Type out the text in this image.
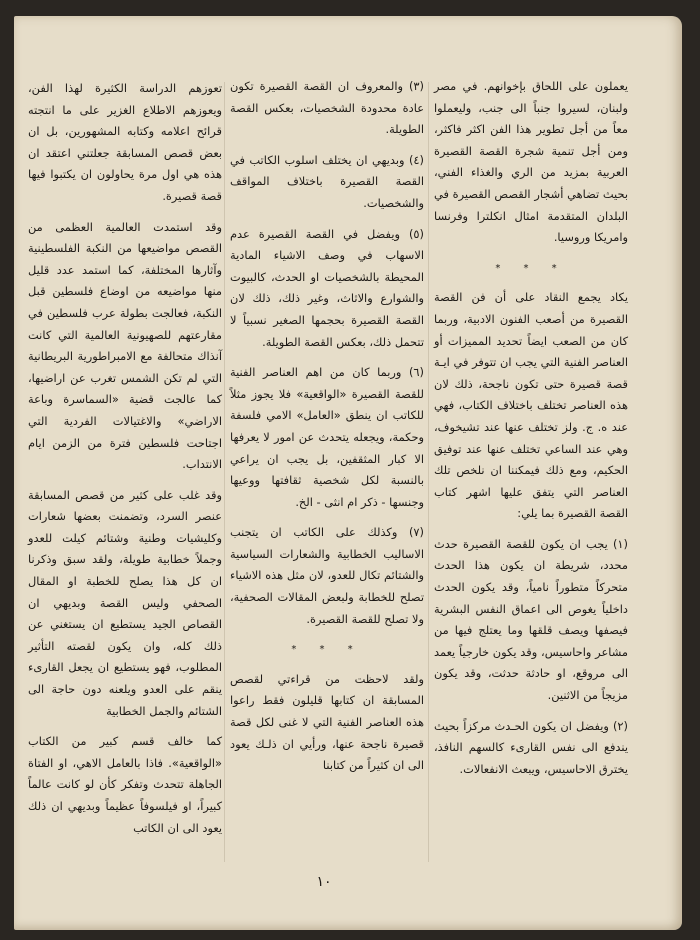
يعملون على اللحاق بإخوانهم. في مصر ولبنان، لسيروا جنباً الى جنب، وليعملوا معاً من أجل تطوير هذا الفن اكثر فاكثر، ومن أجل تنمية شجرة القصة القصيرة العربية بمزيد من الري والغذاء الفني، بحيث تضاهي أشجار القصص القصيرة في البلدان المتقدمة امثال انكلترا وفرنسا وامريكا وروسيا.

* * *

يكاد يجمع النقاد على أن فن القصة القصيرة من أصعب الفنون الادبية، وربما كان من الصعب ايضاً تحديد المميزات أو العناصر الفنية التي يجب ان تتوفر في ايـة قصة قصيرة حتى تكون ناجحة، ذلك لان هذه العناصر تختلف باختلاف الكتاب، فهي عند ه. ج. ولز تختلف عنها عند تشيخوف، وهي عند الساعي تختلف عنها عند توفيق الحكيم، ومع ذلك فيمكننا ان نلخص تلك العناصر التي يتفق عليها اشهر كتاب القصة القصيرة بما يلي:

(١) يجب ان يكون للقصة القصيرة حدث محدد، شريطة ان يكون هذا الحدث متحركاً متطوراً نامياً، وقد يكون الحدث داخلياً يغوص الى اعماق النفس البشرية فيصفها ويصف قلقها وما يعتلج فيها من مشاعر واحاسيس، وقد يكون خارجياً يعمد الى مروقع، او حادثة حدثت، وقد يكون مزيجاً من الاثنين.

(٢) ويفضل ان يكون الحـدث مركزاً بحيث يندفع الى نفس القارىء كالسهم النافذ، يخترق الاحاسيس، ويبعث الانفعالات.

(٣) والمعروف ان القصة القصيرة تكون عادة محدودة الشخصيات، بعكس القصة الطويلة.

(٤) وبديهي ان يختلف اسلوب الكاتب في القصة القصيرة باختلاف المواقف والشخصيات.

(٥) ويفضل في القصة القصيرة عدم الاسهاب في وصف الاشياء المادية المحيطة بالشخصيات او الحدث، كالبيوت والشوارع والاثاث، وغير ذلك، ذلك لان القصة القصيرة بحجمها الصغير نسبياً لا تتحمل ذلك، بعكس القصة الطويلة.

(٦) وربما كان من اهم العناصر الفنية للقصة القصيرة «الواقعية» فلا يجوز مثلاً للكاتب ان ينطق «العامل» الامي فلسفة وحكمة، ويجعله يتحدث عن امور لا يعرفها الا كبار المثقفين، بل يجب ان يراعي بالنسبة لكل شخصية ثقافتها ووعيها وجنسها - ذكر ام انثى - الخ.

(٧) وكذلك على الكاتب ان يتجنب الاساليب الخطابية والشعارات السياسية والشتائم تكال للعدو، لان مثل هذه الاشياء تصلح للخطابة ولبعض المقالات الصحفية، ولا تصلح للقصة القصيرة.

* * *

ولقد لاحظت من قراءتي لقصص المسابقة ان كتابها قليلون فقط راعوا هذه العناصر الفنية التي لا غنى لكل قصة قصيرة ناجحة عنها، ورأيي ان ذلـك يعود الى ان كثيراً من كتابنا

تعوزهم الدراسة الكثيرة لهذا الفن، ويعوزهم الاطلاع الغزير على ما انتجته قرائح اعلامه وكتابه المشهورين، بل ان بعض قصص المسابقة جعلتني اعتقد ان هذه هي اول مرة يحاولون ان يكتبوا فيها قصة قصيرة.

وقد استمدت العالمية العظمى من القصص مواضيعها من النكبة الفلسطينية وآثارها المختلفة، كما استمد عدد قليل منها مواضيعه من اوضاع فلسطين قبل النكبة، فعالجت بطولة عرب فلسطين في مقارعتهم للصهيونية العالمية التي كانت آنذاك متحالفة مع الامبراطورية البريطانية التي لم تكن الشمس تغرب عن اراضيها، كما عالجت قضية «السماسرة وباعة الاراضي» والاغتيالات الفردية التي اجتاحت فلسطين فترة من الزمن ايام الانتداب.

وقد غلب على كثير من قصص المسابقة عنصر السرد، وتضمنت بعضها شعارات وكليشيات وطنية وشتائم كيلت للعدو وجملاً خطابية طويلة، ولقد سبق وذكرنا ان كل هذا يصلح للخطبة او المقال الصحفي وليس القصة وبديهي ان القصاص الجيد يستطيع ان يستغني عن ذلك كله، وان يكون لقصته التأثير المطلوب، فهو يستطيع ان يجعل القارىء ينقم على العدو ويلعنه دون حاجة الى الشتائم والجمل الخطابية

كما خالف قسم كبير من الكتاب «الواقعية». فاذا بالعامل الاهي، او الفتاة الجاهلة تتحدث وتفكر كأن لو كانت عالماً كبيراً، او فيلسوفاً عظيماً وبديهي ان ذلك يعود الى ان الكاتب

١٠
